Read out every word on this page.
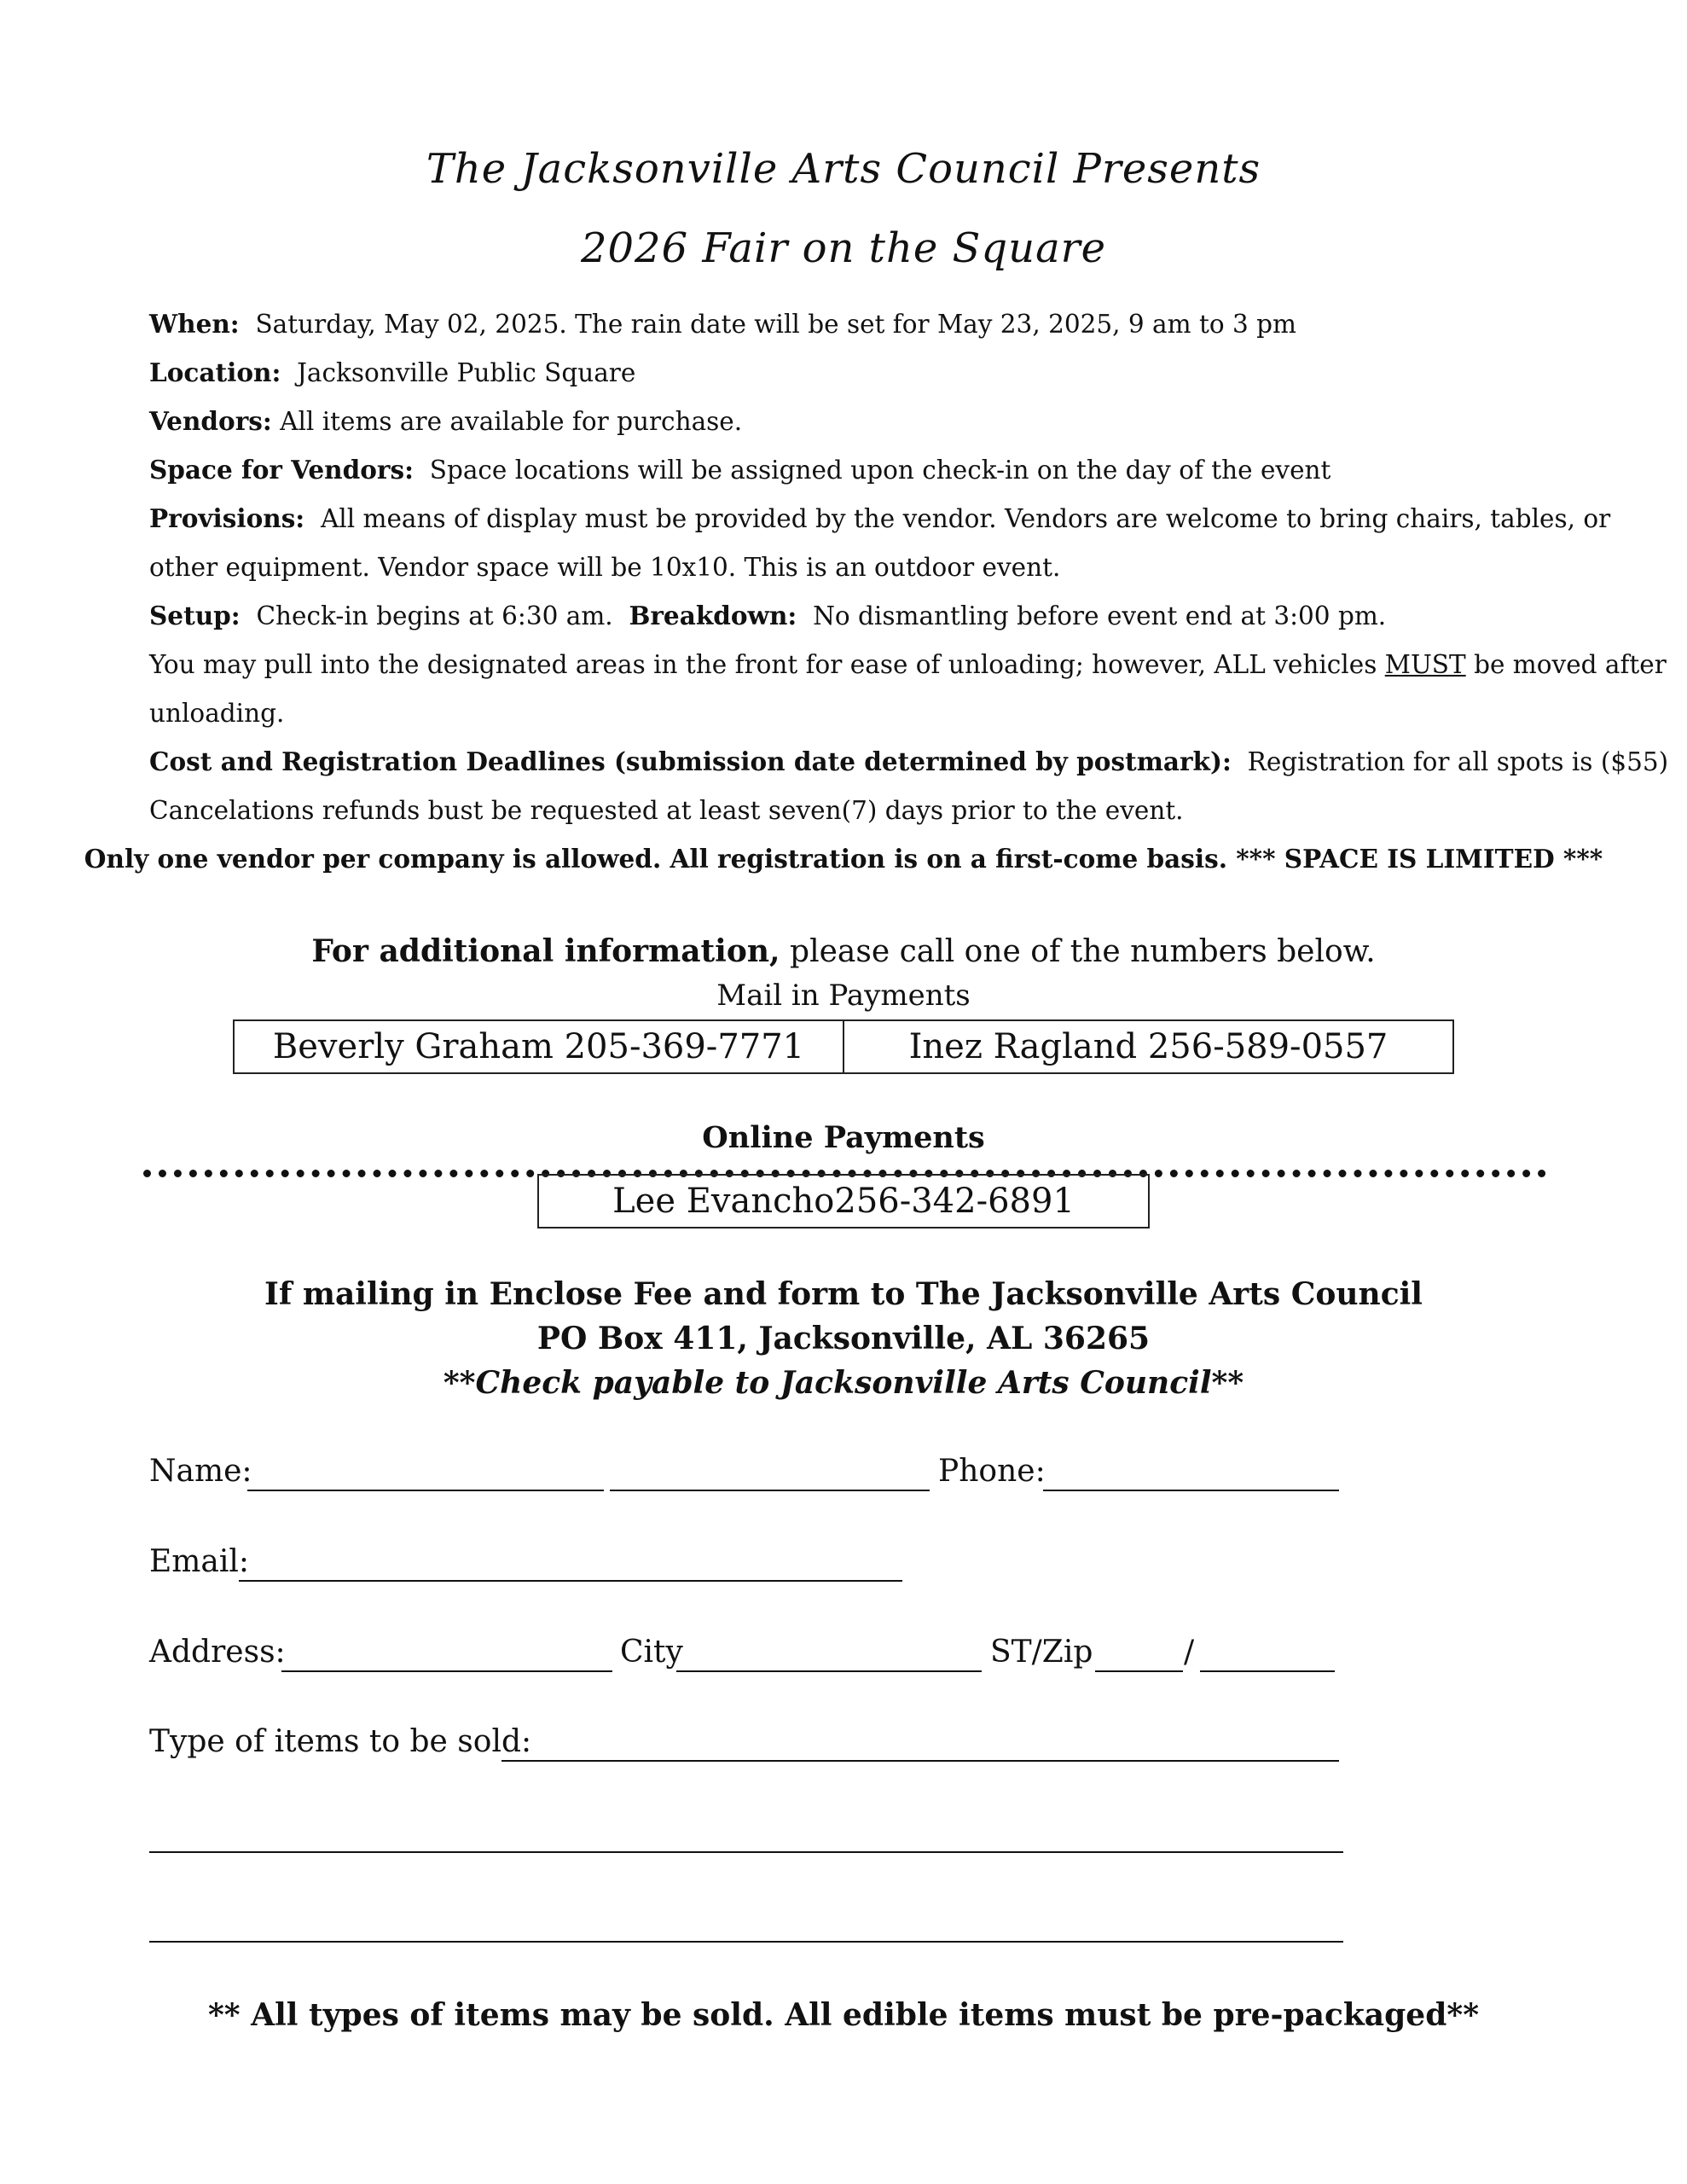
The Jacksonville Arts Council Presents
2026 Fair on the Square
When: Saturday, May 02, 2025. The rain date will be set for May 23, 2025, 9 am to 3 pm
Location: Jacksonville Public Square
Vendors: All items are available for purchase.
Space for Vendors: Space locations will be assigned upon check-in on the day of the event
Provisions: All means of display must be provided by the vendor. Vendors are welcome to bring chairs, tables, or
other equipment. Vendor space will be 10x10. This is an outdoor event.
Setup: Check-in begins at 6:30 am. Breakdown: No dismantling before event end at 3:00 pm.
You may pull into the designated areas in the front for ease of unloading; however, ALL vehicles MUST be moved after
unloading.
Cost and Registration Deadlines (submission date determined by postmark): Registration for all spots is ($55)
Cancelations refunds bust be requested at least seven(7) days prior to the event.
Only one vendor per company is allowed. All registration is on a first-come basis. *** SPACE IS LIMITED ***
For additional information, please call one of the numbers below.
Mail in Payments
Beverly Graham 205-369-7771	Inez Ragland 256-589-0557
Online Payments
Lee Evancho256-342-6891
If mailing in Enclose Fee and form to The Jacksonville Arts Council
PO Box 411, Jacksonville, AL 36265
**Check payable to Jacksonville Arts Council**
Name:	Phone:
Email:
Address:	City	ST/Zip	/
Type of items to be sold:
** All types of items may be sold. All edible items must be pre-packaged**
